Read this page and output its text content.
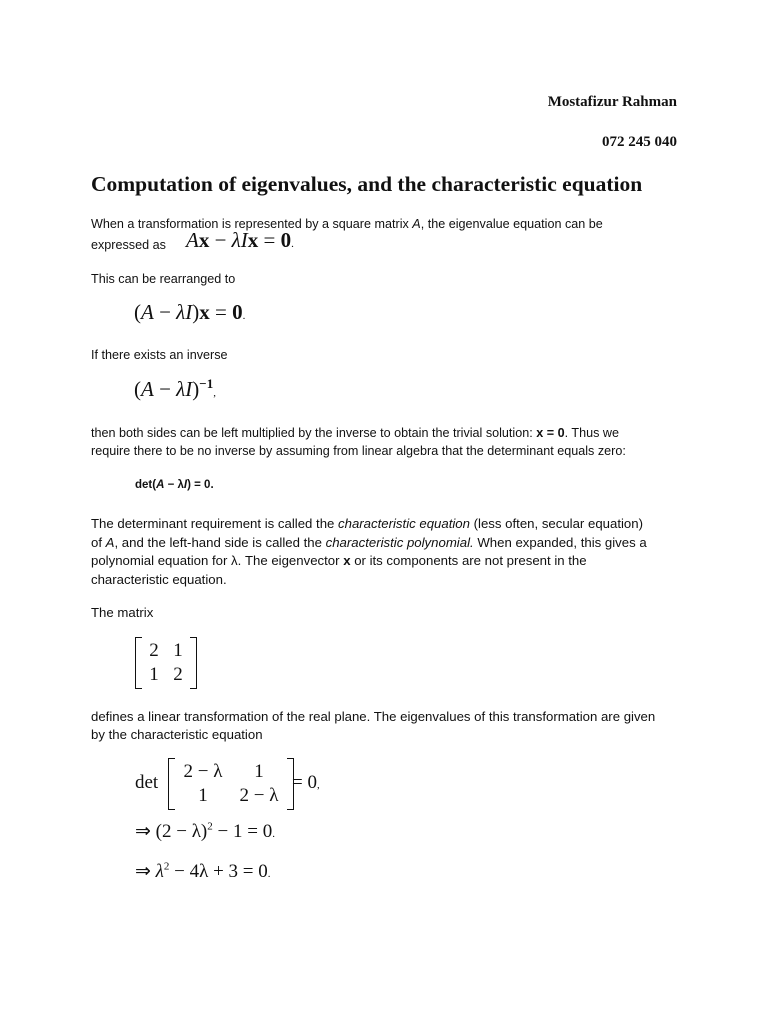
Mostafizur Rahman
072 245 040
Computation of eigenvalues, and the characteristic equation
When a transformation is represented by a square matrix A, the eigenvalue equation can be
expressed as Ax − λIx = 0.
This can be rearranged to
(A − λI)x = 0.
If there exists an inverse
$(A - \lambda I)^{-1}$,
then both sides can be left multiplied by the inverse to obtain the trivial solution: x = 0. Thus we
require there to be no inverse by assuming from linear algebra that the determinant equals zero:
det(A − λI) = 0.
The determinant requirement is called the characteristic equation (less often, secular equation)
of A, and the left-hand side is called the characteristic polynomial. When expanded, this gives a
polynomial equation for λ. The eigenvector x or its components are not present in the
characteristic equation.
The matrix
2 1
1 2
defines a linear transformation of the real plane. The eigenvalues of this transformation are given
by the characteristic equation
det
2 − λ	1
1	2 − λ
= 0,
⇒ $(2 - \lambda)^2 - 1 = 0$.
⇒ $\lambda^2 - 4\lambda + 3 = 0$.
